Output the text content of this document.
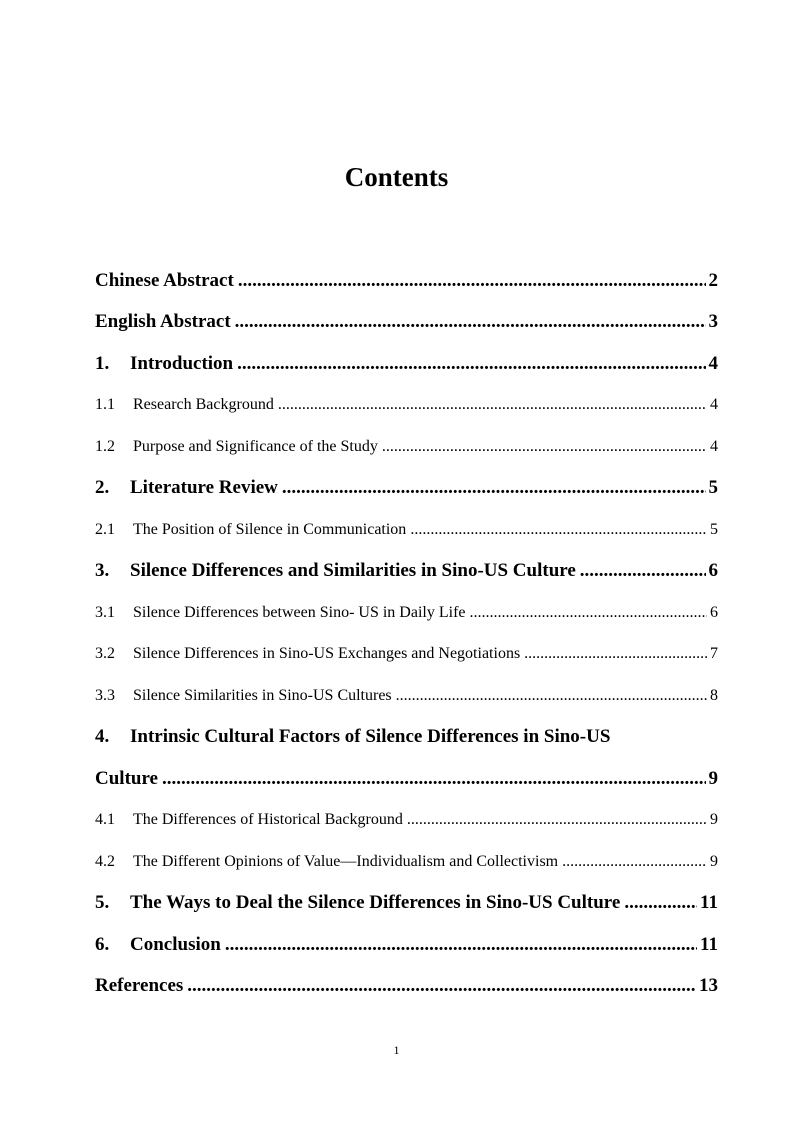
Contents
Chinese Abstract .....	2
English Abstract .....	3
1.	Introduction .....	4
1.1	Research Background .....	4
1.2	Purpose and Significance of the Study .....	4
2.	Literature Review .....	5
2.1	The Position of Silence in Communication .....	5
3.	Silence Differences and Similarities in Sino-US Culture .....	6
3.1	Silence Differences between Sino- US in Daily Life .....	6
3.2	Silence Differences in Sino-US Exchanges and Negotiations .....	7
3.3	Silence Similarities in Sino-US Cultures .....	8
4.	Intrinsic Cultural Factors of Silence Differences in Sino-US
Culture .....	9
4.1	The Differences of Historical Background .....	9
4.2	The Different Opinions of Value—Individualism and Collectivism .....	9
5.	The Ways to Deal the Silence Differences in Sino-US Culture .....	11
6.	Conclusion .....	11
References .....	13

1
